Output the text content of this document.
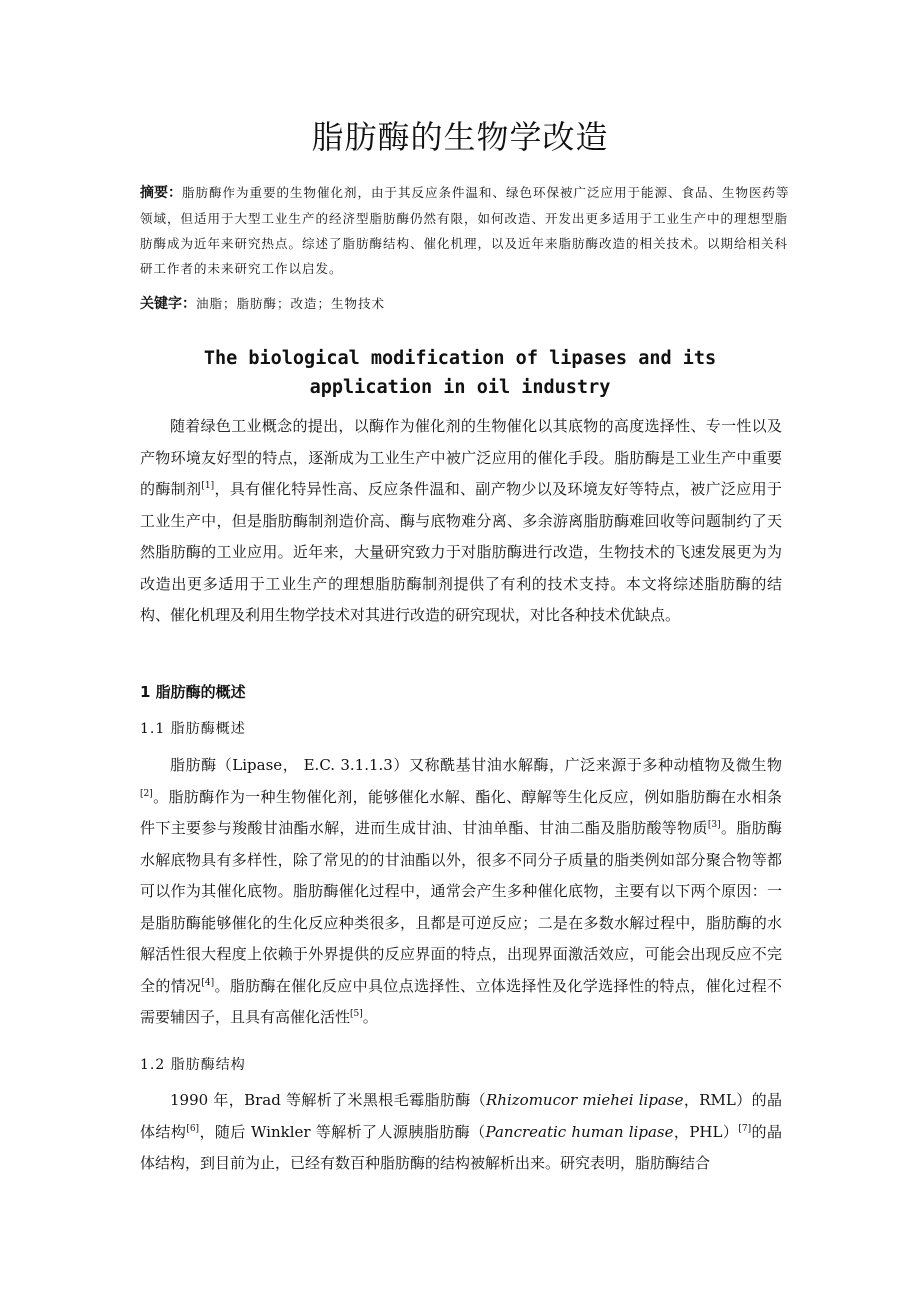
脂肪酶的生物学改造
摘要：脂肪酶作为重要的生物催化剂，由于其反应条件温和、绿色环保被广泛应用于能源、食品、生物医药等领域，但适用于大型工业生产的经济型脂肪酶仍然有限，如何改造、开发出更多适用于工业生产中的理想型脂肪酶成为近年来研究热点。综述了脂肪酶结构、催化机理，以及近年来脂肪酶改造的相关技术。以期给相关科研工作者的未来研究工作以启发。
关键字：油脂；脂肪酶；改造；生物技术
The biological modification of lipases and its application in oil industry

随着绿色工业概念的提出，以酶作为催化剂的生物催化以其底物的高度选择性、专一性以及产物环境友好型的特点，逐渐成为工业生产中被广泛应用的催化手段。脂肪酶是工业生产中重要的酶制剂[1]，具有催化特异性高、反应条件温和、副产物少以及环境友好等特点，被广泛应用于工业生产中，但是脂肪酶制剂造价高、酶与底物难分离、多余游离脂肪酶难回收等问题制约了天然脂肪酶的工业应用。近年来，大量研究致力于对脂肪酶进行改造，生物技术的飞速发展更为为改造出更多适用于工业生产的理想脂肪酶制剂提供了有利的技术支持。本文将综述脂肪酶的结构、催化机理及利用生物学技术对其进行改造的研究现状，对比各种技术优缺点。

1 脂肪酶的概述
1.1 脂肪酶概述

脂肪酶（Lipase， E.C. 3.1.1.3）又称酰基甘油水解酶，广泛来源于多种动植物及微生物[2]。脂肪酶作为一种生物催化剂，能够催化水解、酯化、醇解等生化反应，例如脂肪酶在水相条件下主要参与羧酸甘油酯水解，进而生成甘油、甘油单酯、甘油二酯及脂肪酸等物质[3]。脂肪酶水解底物具有多样性，除了常见的的甘油酯以外，很多不同分子质量的脂类例如部分聚合物等都可以作为其催化底物。脂肪酶催化过程中，通常会产生多种催化底物，主要有以下两个原因：一是脂肪酶能够催化的生化反应种类很多，且都是可逆反应；二是在多数水解过程中，脂肪酶的水解活性很大程度上依赖于外界提供的反应界面的特点，出现界面激活效应，可能会出现反应不完全的情况[4]。脂肪酶在催化反应中具位点选择性、立体选择性及化学选择性的特点，催化过程不需要辅因子，且具有高催化活性[5]。

1.2 脂肪酶结构

1990 年，Brad 等解析了米黑根毛霉脂肪酶（Rhizomucor miehei lipase，RML）的晶体结构[6]，随后 Winkler 等解析了人源胰脂肪酶（Pancreatic human lipase，PHL）[7]的晶体结构，到目前为止，已经有数百种脂肪酶的结构被解析出来。研究表明，脂肪酶结合
